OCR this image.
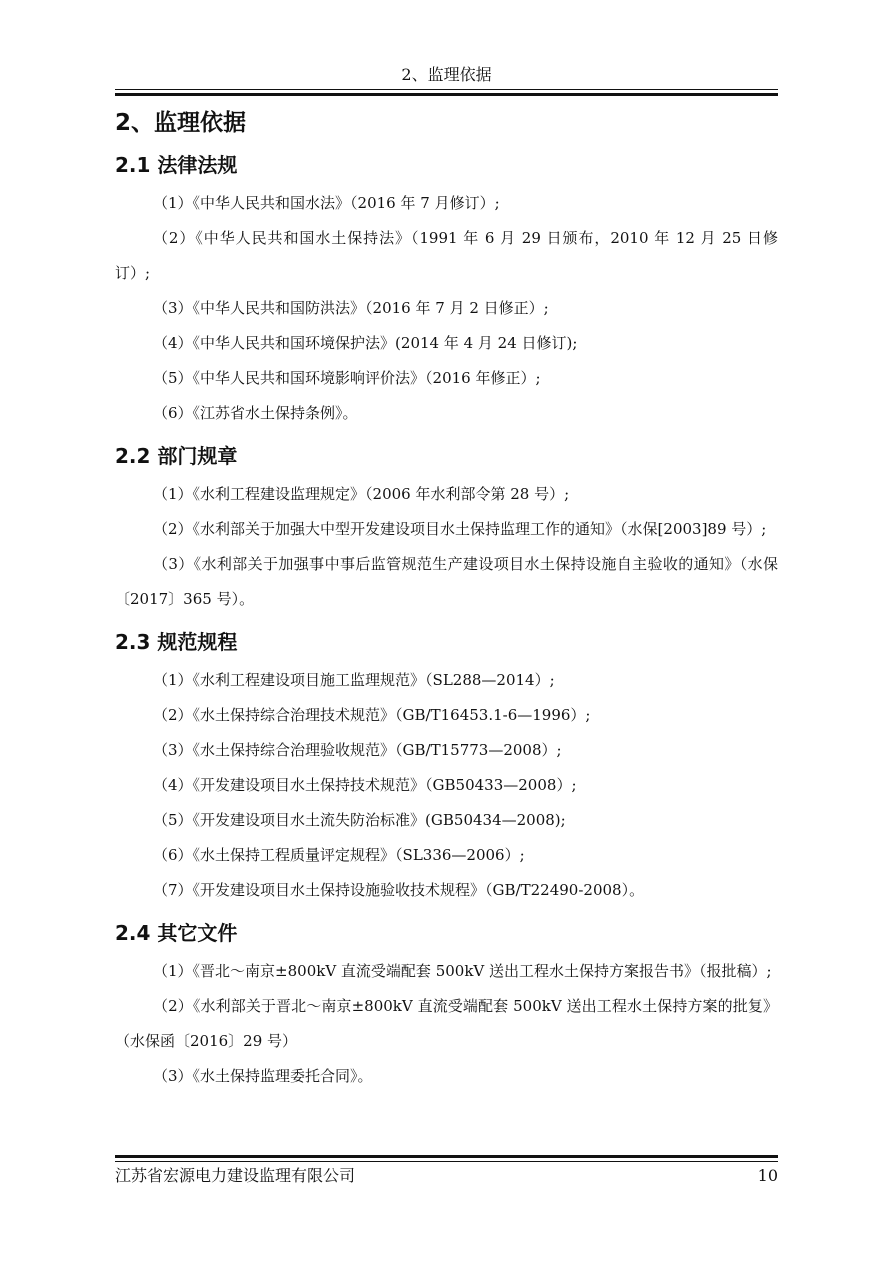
2、监理依据
2、监理依据
2.1 法律法规

（1）《中华人民共和国水法》（2016 年 7 月修订）;

（2）《中华人民共和国水土保持法》（1991 年 6 月 29 日颁布，2010 年 12 月 25 日修订）;

（3）《中华人民共和国防洪法》（2016 年 7 月 2 日修正）;

（4）《中华人民共和国环境保护法》(2014 年 4 月 24 日修订);

（5）《中华人民共和国环境影响评价法》（2016 年修正）;

（6）《江苏省水土保持条例》。

2.2 部门规章

（1）《水利工程建设监理规定》（2006 年水利部令第 28 号）;

（2）《水利部关于加强大中型开发建设项目水土保持监理工作的通知》（水保[2003]89 号）;

（3）《水利部关于加强事中事后监管规范生产建设项目水土保持设施自主验收的通知》（水保〔2017〕365 号）。

2.3 规范规程

（1）《水利工程建设项目施工监理规范》（SL288—2014）;

（2）《水土保持综合治理技术规范》（GB/T16453.1-6—1996）;

（3）《水土保持综合治理验收规范》（GB/T15773—2008）;

（4）《开发建设项目水土保持技术规范》（GB50433—2008）;

（5）《开发建设项目水土流失防治标准》(GB50434—2008);

（6）《水土保持工程质量评定规程》（SL336—2006）;

（7）《开发建设项目水土保持设施验收技术规程》（GB/T22490-2008）。

2.4 其它文件

（1）《晋北～南京±800kV 直流受端配套 500kV 送出工程水土保持方案报告书》（报批稿）;

（2）《水利部关于晋北～南京±800kV 直流受端配套 500kV 送出工程水土保持方案的批复》（水保函〔2016〕29 号）

（3）《水土保持监理委托合同》。

江苏省宏源电力建设监理有限公司	10
